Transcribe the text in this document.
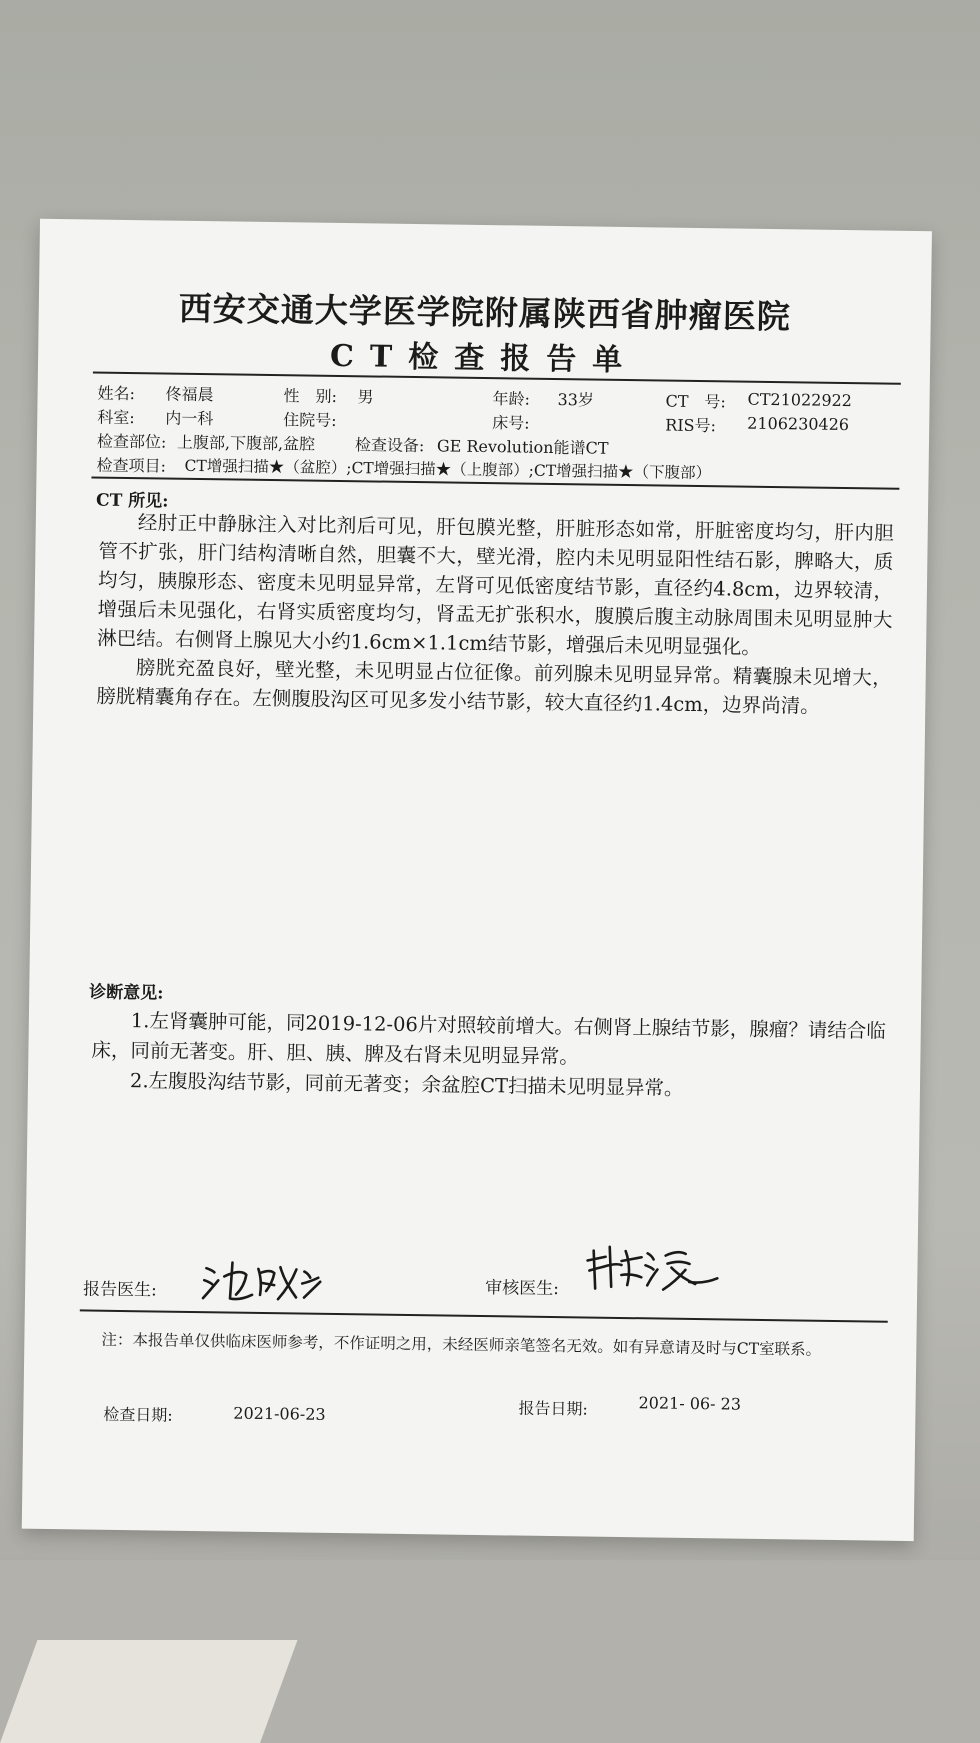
西安交通大学医学院附属陕西省肿瘤医院
CT检查报告单
姓名: 佟福晨	性　别: 男	年龄: 33岁	CT　号: CT21022922
科室: 内一科	住院号:	床号:	RIS号: 2106230426
检查部位: 上腹部,下腹部,盆腔 检查设备: GE Revolution能谱CT
检查项目: CT增强扫描★（盆腔）;CT增强扫描★（上腹部）;CT增强扫描★（下腹部）
CT 所见:

经肘正中静脉注入对比剂后可见，肝包膜光整，肝脏形态如常，肝脏密度均匀，肝内胆管不扩张，肝门结构清晰自然，胆囊不大，壁光滑，腔内未见明显阳性结石影，脾略大，质均匀，胰腺形态、密度未见明显异常，左肾可见低密度结节影，直径约4.8cm，边界较清，增强后未见强化，右肾实质密度均匀，肾盂无扩张积水，腹膜后腹主动脉周围未见明显肿大淋巴结。右侧肾上腺见大小约1.6cm×1.1cm结节影，增强后未见明显强化。

膀胱充盈良好，壁光整，未见明显占位征像。前列腺未见明显异常。精囊腺未见增大，膀胱精囊角存在。左侧腹股沟区可见多发小结节影，较大直径约1.4cm，边界尚清。

诊断意见:

1.左肾囊肿可能，同2019-12-06片对照较前增大。右侧肾上腺结节影，腺瘤？请结合临床，同前无著变。肝、胆、胰、脾及右肾未见明显异常。

2.左腹股沟结节影，同前无著变；余盆腔CT扫描未见明显异常。

报告医生:	审核医生:
注：本报告单仅供临床医师参考，不作证明之用，未经医师亲笔签名无效。如有异意请及时与CT室联系。
检查日期:	2021-06-23	报告日期:	2021- 06- 23
